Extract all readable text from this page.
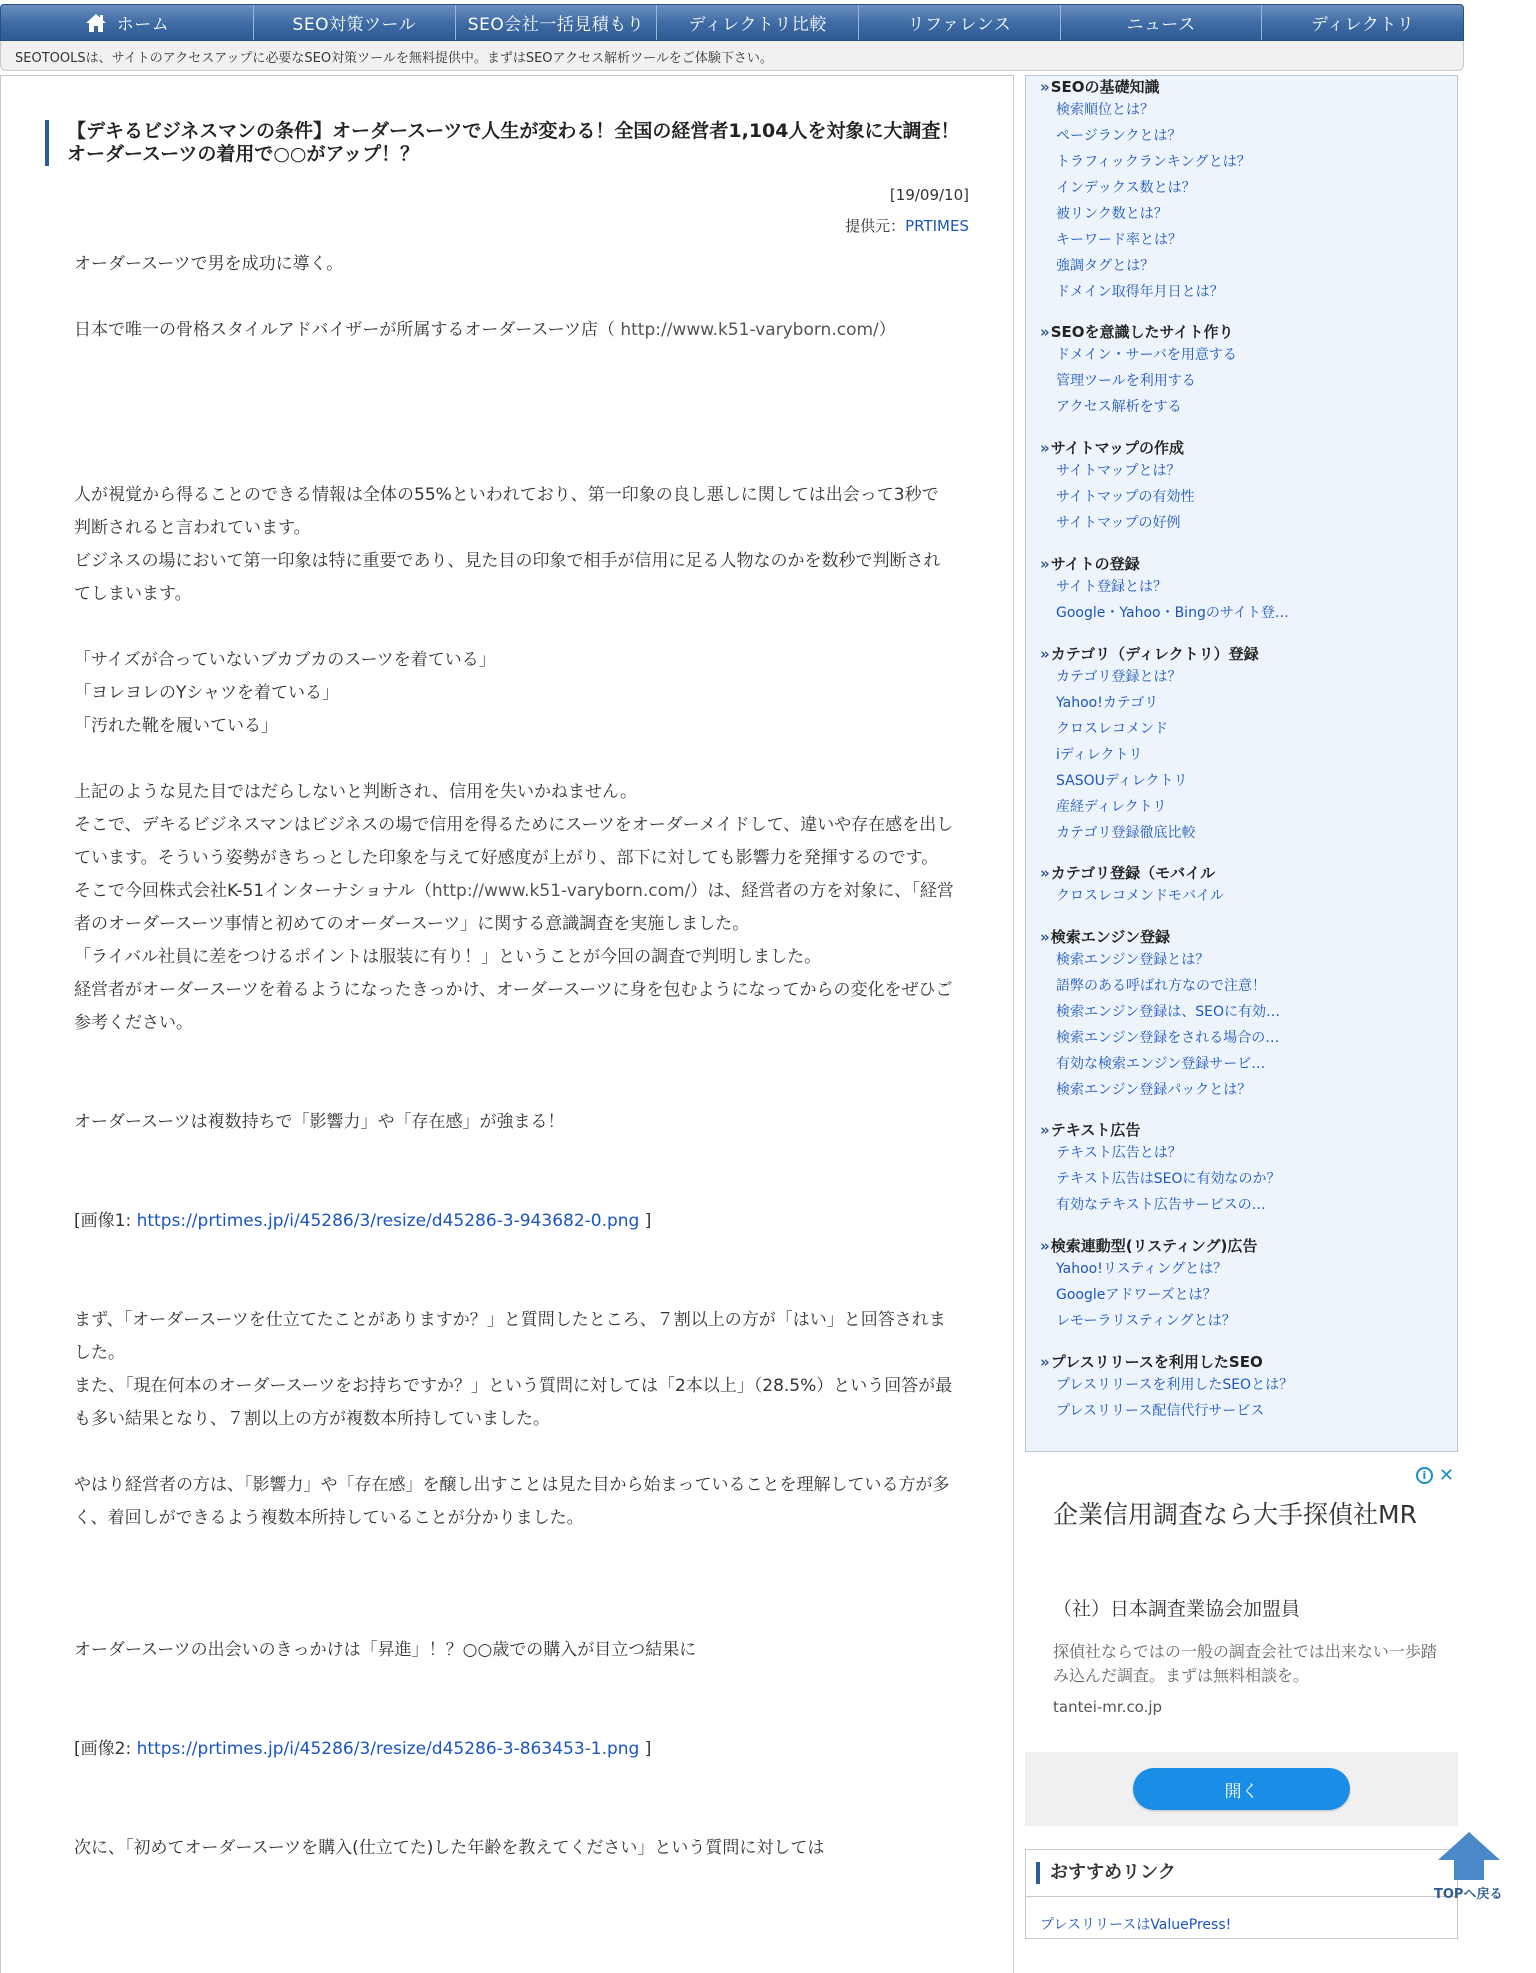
ホーム	SEO対策ツール	SEO会社一括見積もり	ディレクトリ比較	リファレンス	ニュース	ディレクトリ
SEOTOOLSは、サイトのアクセスアップに必要なSEO対策ツールを無料提供中。まずはSEOアクセス解析ツールをご体験下さい。
【デキるビジネスマンの条件】オーダースーツで人生が変わる！全国の経営者1,104人を対象に大調査！オーダースーツの着用で○○がアップ！？
[19/09/10]
提供元：PRTIMES
オーダースーツで男を成功に導く。
日本で唯一の骨格スタイルアドバイザーが所属するオーダースーツ店（ http://www.k51-varyborn.com/）
人が視覚から得ることのできる情報は全体の55%といわれており、第一印象の良し悪しに関しては出会って3秒で判断されると言われています。
ビジネスの場において第一印象は特に重要であり、見た目の印象で相手が信用に足る人物なのかを数秒で判断されてしまいます。
「サイズが合っていないブカブカのスーツを着ている」
「ヨレヨレのYシャツを着ている」
「汚れた靴を履いている」
上記のような見た目ではだらしないと判断され、信用を失いかねません。
そこで、デキるビジネスマンはビジネスの場で信用を得るためにスーツをオーダーメイドして、違いや存在感を出しています。そういう姿勢がきちっとした印象を与えて好感度が上がり、部下に対しても影響力を発揮するのです。
そこで今回株式会社K-51インターナショナル（http://www.k51-varyborn.com/）は、経営者の方を対象に、「経営者のオーダースーツ事情と初めてのオーダースーツ」に関する意識調査を実施しました。
「ライバル社員に差をつけるポイントは服装に有り！」ということが今回の調査で判明しました。
経営者がオーダースーツを着るようになったきっかけ、オーダースーツに身を包むようになってからの変化をぜひご参考ください。
オーダースーツは複数持ちで「影響力」や「存在感」が強まる！
[画像1: https://prtimes.jp/i/45286/3/resize/d45286-3-943682-0.png ]
まず、「オーダースーツを仕立てたことがありますか？」と質問したところ、７割以上の方が「はい」と回答されました。
また、「現在何本のオーダースーツをお持ちですか？」という質問に対しては「2本以上」（28.5%）という回答が最も多い結果となり、７割以上の方が複数本所持していました。
やはり経営者の方は、「影響力」や「存在感」を醸し出すことは見た目から始まっていることを理解している方が多く、着回しができるよう複数本所持していることが分かりました。
オーダースーツの出会いのきっかけは「昇進」！？○○歳での購入が目立つ結果に
[画像2: https://prtimes.jp/i/45286/3/resize/d45286-3-863453-1.png ]
次に、「初めてオーダースーツを購入(仕立てた)した年齢を教えてください」という質問に対しては
» SEOの基礎知識
検索順位とは？
ページランクとは？
トラフィックランキングとは？
インデックス数とは？
被リンク数とは？
キーワード率とは？
強調タグとは？
ドメイン取得年月日とは？
» SEOを意識したサイト作り
ドメイン・サーバを用意する
管理ツールを利用する
アクセス解析をする
» サイトマップの作成
サイトマップとは？
サイトマップの有効性
サイトマップの好例
» サイトの登録
サイト登録とは？
Google・Yahoo・Bingのサイト登…
» カテゴリ（ディレクトリ）登録
カテゴリ登録とは？
Yahoo!カテゴリ
クロスレコメンド
iディレクトリ
SASOUディレクトリ
産経ディレクトリ
カテゴリ登録徹底比較
» カテゴリ登録（モバイル
クロスレコメンドモバイル
» 検索エンジン登録
検索エンジン登録とは？
語弊のある呼ばれ方なので注意！
検索エンジン登録は、SEOに有効…
検索エンジン登録をされる場合の…
有効な検索エンジン登録サービ…
検索エンジン登録パックとは？
» テキスト広告
テキスト広告とは？
テキスト広告はSEOに有効なのか？
有効なテキスト広告サービスの…
» 検索連動型(リスティング)広告
Yahoo!リスティングとは？
Googleアドワーズとは？
レモーラリスティングとは？
» プレスリリースを利用したSEO
プレスリリースを利用したSEOとは？
プレスリリース配信代行サービス
i ✕
企業信用調査なら大手探偵社MR
（社）日本調査業協会加盟員
探偵社ならではの一般の調査会社では出来ない一歩踏み込んだ調査。まずは無料相談を。
tantei-mr.co.jp
開く
おすすめリンク
プレスリリースはValuePress!
TOPへ戻る
